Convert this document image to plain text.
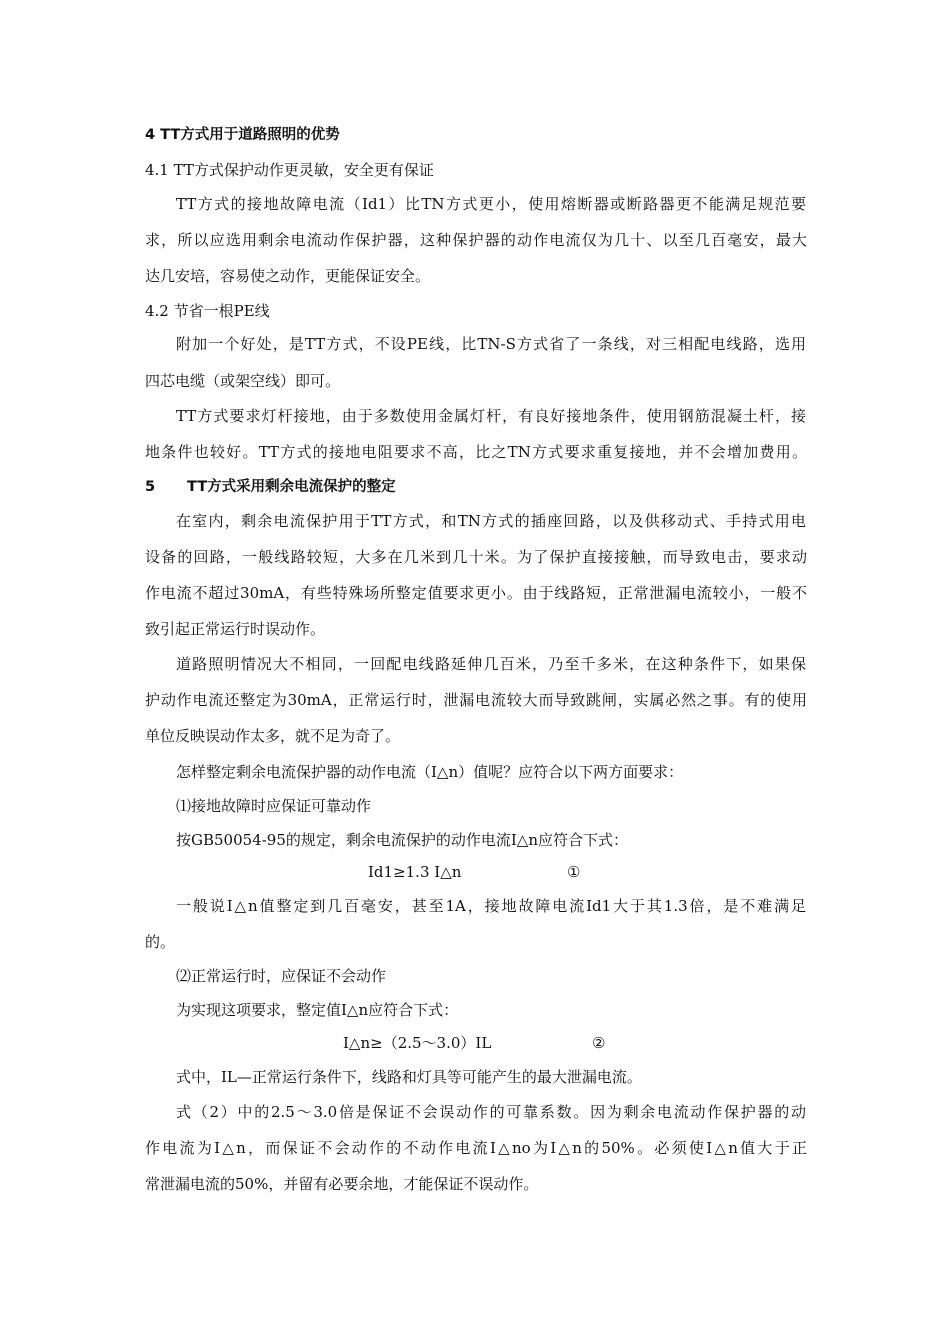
4 TT方式用于道路照明的优势
4.1 TT方式保护动作更灵敏，安全更有保证
TT方式的接地故障电流（Id1）比TN方式更小，使用熔断器或断路器更不能满足规范要
求，所以应选用剩余电流动作保护器，这种保护器的动作电流仅为几十、以至几百毫安，最大
达几安培，容易使之动作，更能保证安全。
4.2 节省一根PE线
附加一个好处，是TT方式，不设PE线，比TN-S方式省了一条线，对三相配电线路，选用
四芯电缆（或架空线）即可。
TT方式要求灯杆接地，由于多数使用金属灯杆，有良好接地条件，使用钢筋混凝土杆，接
地条件也较好。TT方式的接地电阻要求不高，比之TN方式要求重复接地，并不会增加费用。
5	TT方式采用剩余电流保护的整定
在室内，剩余电流保护用于TT方式，和TN方式的插座回路，以及供移动式、手持式用电
设备的回路，一般线路较短，大多在几米到几十米。为了保护直接接触，而导致电击，要求动
作电流不超过30mA，有些特殊场所整定值要求更小。由于线路短，正常泄漏电流较小，一般不
致引起正常运行时误动作。
道路照明情况大不相同，一回配电线路延伸几百米，乃至千多米，在这种条件下，如果保
护动作电流还整定为30mA，正常运行时，泄漏电流较大而导致跳闸，实属必然之事。有的使用
单位反映误动作太多，就不足为奇了。
怎样整定剩余电流保护器的动作电流（I△n）值呢？应符合以下两方面要求：
⑴接地故障时应保证可靠动作
按GB50054-95的规定，剩余电流保护的动作电流I△n应符合下式：
Id1≥1.3 I△n	①
一般说I△n值整定到几百毫安，甚至1A，接地故障电流Id1大于其1.3倍，是不难满足
的。
⑵正常运行时，应保证不会动作
为实现这项要求，整定值I△n应符合下式：
I△n≥（2.5～3.0）IL	②
式中，IL—正常运行条件下，线路和灯具等可能产生的最大泄漏电流。
式（2）中的2.5～3.0倍是保证不会误动作的可靠系数。因为剩余电流动作保护器的动
作电流为I△n，而保证不会动作的不动作电流I△no为I△n的50%。必须使I△n值大于正
常泄漏电流的50%，并留有必要余地，才能保证不误动作。
